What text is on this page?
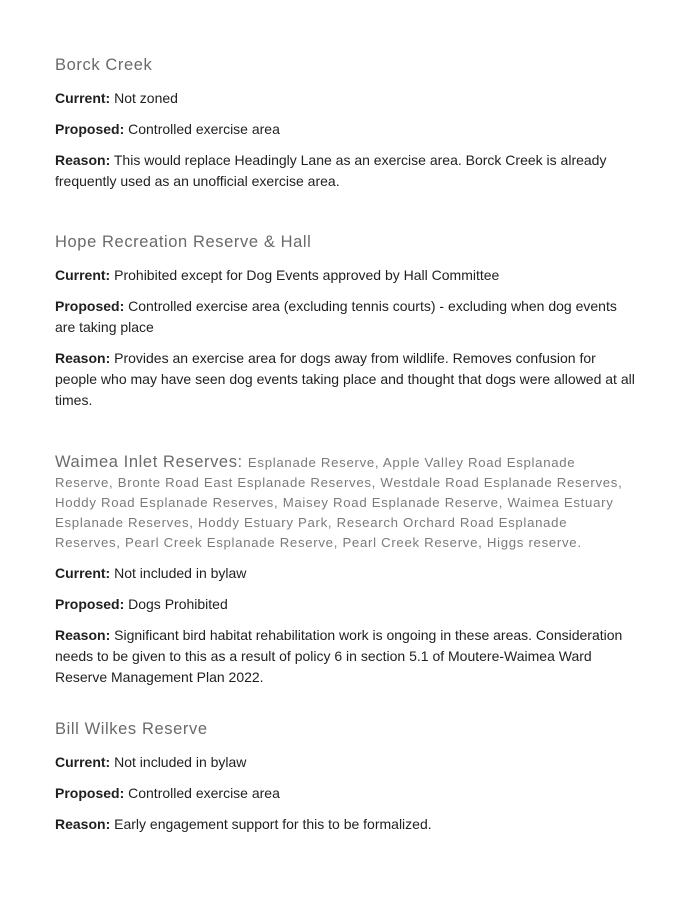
Borck Creek

Current: Not zoned

Proposed: Controlled exercise area

Reason: This would replace Headingly Lane as an exercise area. Borck Creek is already frequently used as an unofficial exercise area.

Hope Recreation Reserve & Hall

Current: Prohibited except for Dog Events approved by Hall Committee

Proposed: Controlled exercise area (excluding tennis courts) - excluding when dog events are taking place

Reason: Provides an exercise area for dogs away from wildlife. Removes confusion for people who may have seen dog events taking place and thought that dogs were allowed at all times.

Waimea Inlet Reserves: Esplanade Reserve, Apple Valley Road Esplanade Reserve, Bronte Road East Esplanade Reserves, Westdale Road Esplanade Reserves, Hoddy Road Esplanade Reserves, Maisey Road Esplanade Reserve, Waimea Estuary Esplanade Reserves, Hoddy Estuary Park, Research Orchard Road Esplanade Reserves, Pearl Creek Esplanade Reserve, Pearl Creek Reserve, Higgs reserve.

Current: Not included in bylaw

Proposed: Dogs Prohibited

Reason: Significant bird habitat rehabilitation work is ongoing in these areas. Consideration needs to be given to this as a result of policy 6 in section 5.1 of Moutere-Waimea Ward Reserve Management Plan 2022.

Bill Wilkes Reserve

Current: Not included in bylaw

Proposed: Controlled exercise area

Reason: Early engagement support for this to be formalized.
